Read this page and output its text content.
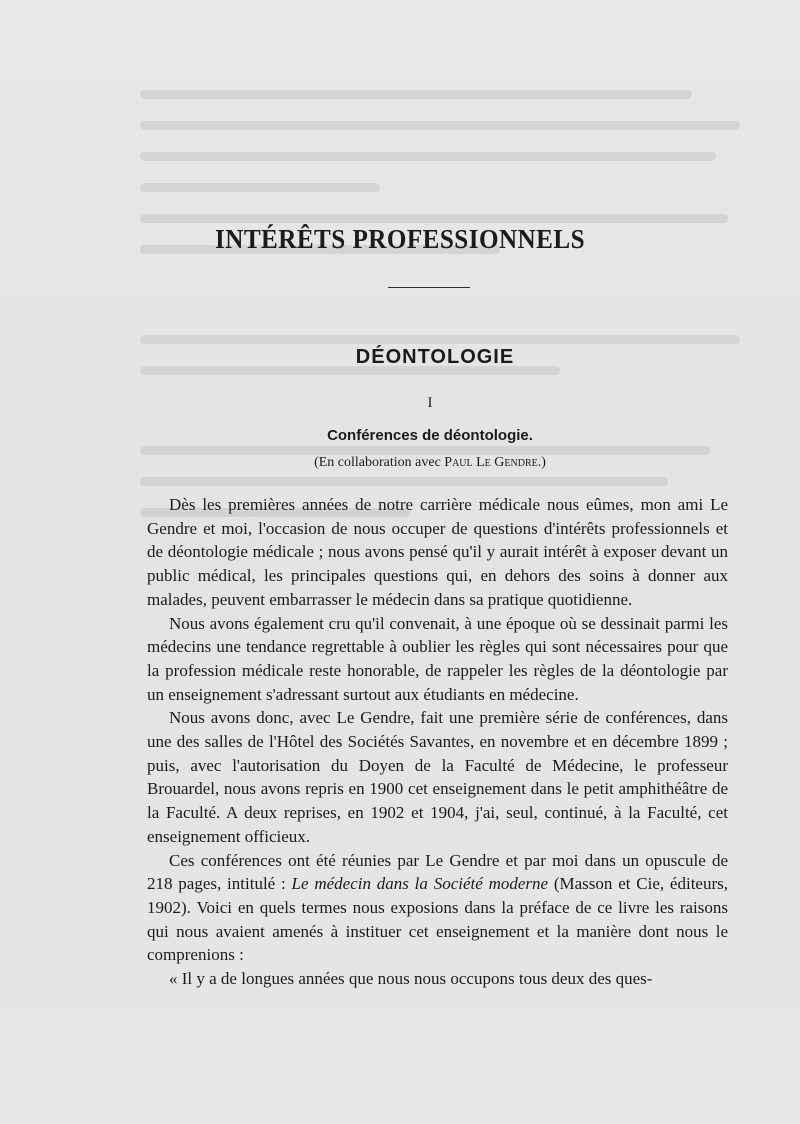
INTÉRÊTS PROFESSIONNELS
DÉONTOLOGIE
I
Conférences de déontologie.
(En collaboration avec Paul Le Gendre.)

Dès les premières années de notre carrière médicale nous eûmes, mon ami Le Gendre et moi, l'occasion de nous occuper de questions d'intérêts professionnels et de déontologie médicale ; nous avons pensé qu'il y aurait intérêt à exposer devant un public médical, les principales questions qui, en dehors des soins à donner aux malades, peuvent embarrasser le médecin dans sa pratique quotidienne.

Nous avons également cru qu'il convenait, à une époque où se dessinait parmi les médecins une tendance regrettable à oublier les règles qui sont nécessaires pour que la profession médicale reste honorable, de rappeler les règles de la déontologie par un enseignement s'adressant surtout aux étudiants en médecine.

Nous avons donc, avec Le Gendre, fait une première série de conférences, dans une des salles de l'Hôtel des Sociétés Savantes, en novembre et en décembre 1899 ; puis, avec l'autorisation du Doyen de la Faculté de Médecine, le professeur Brouardel, nous avons repris en 1900 cet enseignement dans le petit amphithéâtre de la Faculté. A deux reprises, en 1902 et 1904, j'ai, seul, continué, à la Faculté, cet enseignement officieux.

Ces conférences ont été réunies par Le Gendre et par moi dans un opuscule de 218 pages, intitulé : Le médecin dans la Société moderne (Masson et Cie, éditeurs, 1902). Voici en quels termes nous exposions dans la préface de ce livre les raisons qui nous avaient amenés à instituer cet enseignement et la manière dont nous le comprenions :

« Il y a de longues années que nous nous occupons tous deux des ques-
